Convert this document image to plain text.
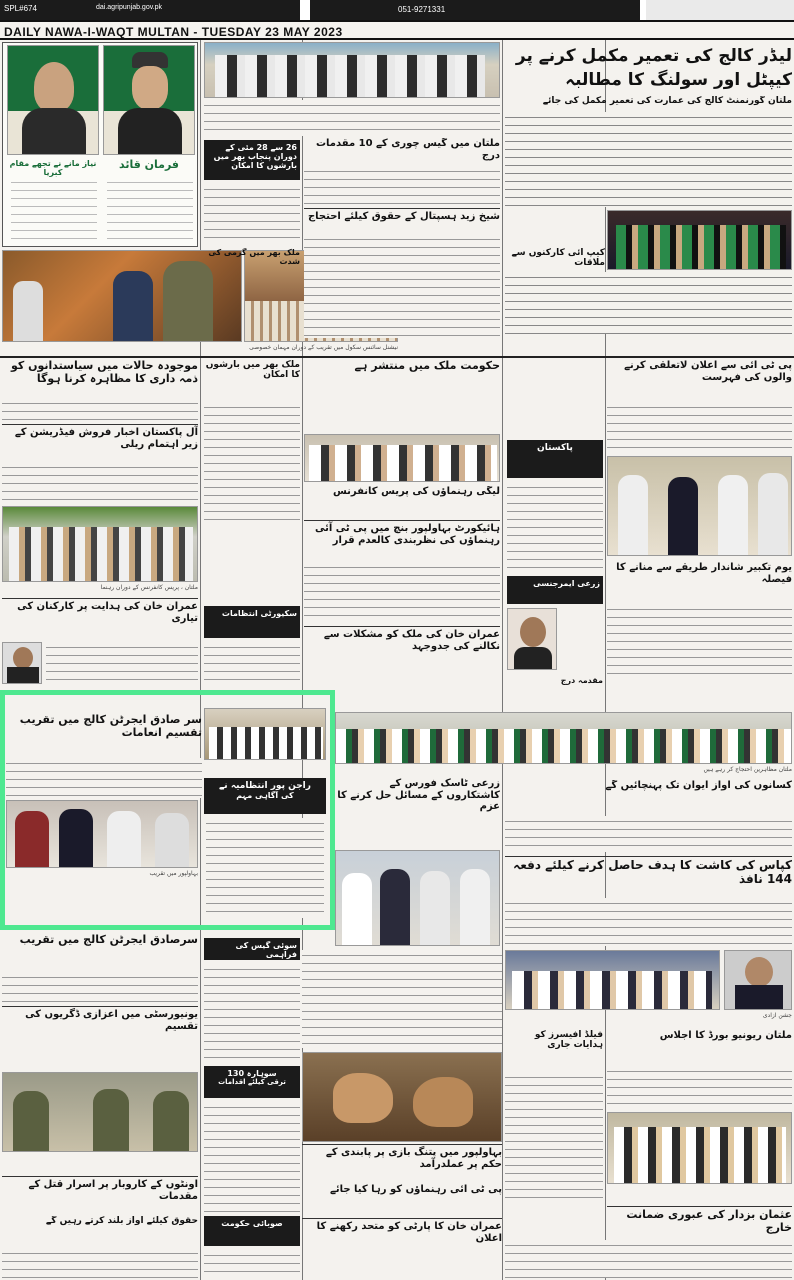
SPL#674	dai.agripunjab.gov.pk	051-9271331
DAILY NAWA-I-WAQT MULTAN - TUESDAY 23 MAY 2023
نیاز مانے نے تجھے مقام کبریا
فرمان قائد
نیشنل سائنس سکول میں تقریب کے دوران مہمان خصوصی
لیڈر کالج کی تعمیر مکمل کرنے پر کیپٹل اور سولنگ کا مطالبہ
ملتان گورنمنٹ کالج کی عمارت کی تعمیر مکمل کی جائے
کیپ آئی کارکنوں سے ملاقات
ملتان میں گیس چوری کے 10 مقدمات درج
شیخ زید ہسپتال کے حقوق کیلئے احتجاج
26 سے 28 مئی کے دوران پنجاب بھر میں بارشوں کا امکان
موجودہ حالات میں سیاستدانوں کو ذمہ داری کا مظاہرہ کرنا ہوگا
آل پاکستان اخبار فروش فیڈریشن کے زیر اہتمام ریلی
ملتان ، پریس کانفرنس کے دوران رہنما
ملک بھر میں بارشوں کا امکان
حکومت ملک میں منتشر ہے
لیگی رہنماؤں کی پریس کانفرنس
ہائیکورٹ بہاولپور بنچ میں پی ٹی آئی رہنماؤں کی نظربندی کالعدم قرار
عمران خان کی ملک کو مشکلات سے نکالنے کی جدوجہد
پاکستان
زرعی ایمرجنسی
پی ٹی آئی سے اعلان لاتعلقی کرنے والوں کی فہرست
یوم تکبیر شاندار طریقے سے منانے کا فیصلہ
عمران خان کی ہدایت پر کارکنان کی تیاری	سکیورٹی انتظامات
ملتان مظاہرین احتجاج کر رہے ہیں
سر صادق ایجرٹن کالج میں تقریب تقسیم انعامات
بہاولپور میں تقریب
راجن پور انتظامیہ نے
کی آگاہی مہم
زرعی ٹاسک فورس کے کاشتکاروں کے مسائل حل کرنے کا عزم
بہاولپور میں پتنگ بازی پر پابندی کے حکم پر عملدرآمد
پی ٹی آئی رہنماؤں کو رہا کیا جائے
عمران خان کا پارٹی کو متحد رکھنے کا اعلان
سرصادق ایجرٹن کالج میں تقریب
یونیورسٹی میں اعزازی ڈگریوں کی تقسیم
اونٹوں کے کاروبار پر اسرار قتل کے مقدمات
حقوق کیلئے آواز بلند کرتے رہیں گے
سوئی گیس کی فراہمی
سوہارہ 130
ترقی کیلئے اقدامات
صوبائی حکومت
کسانوں کی آواز ایوان تک پہنچائیں گے
کپاس کی کاشت کا ہدف حاصل کرنے کیلئے دفعہ 144 نافذ
ملتان ریونیو بورڈ کا اجلاس
فیلڈ آفیسرز کو ہدایات جاری
عثمان بزدار کی عبوری ضمانت خارج
مقدمہ درج
ملک بھر میں گرمی کی شدت
جشن آزادی
